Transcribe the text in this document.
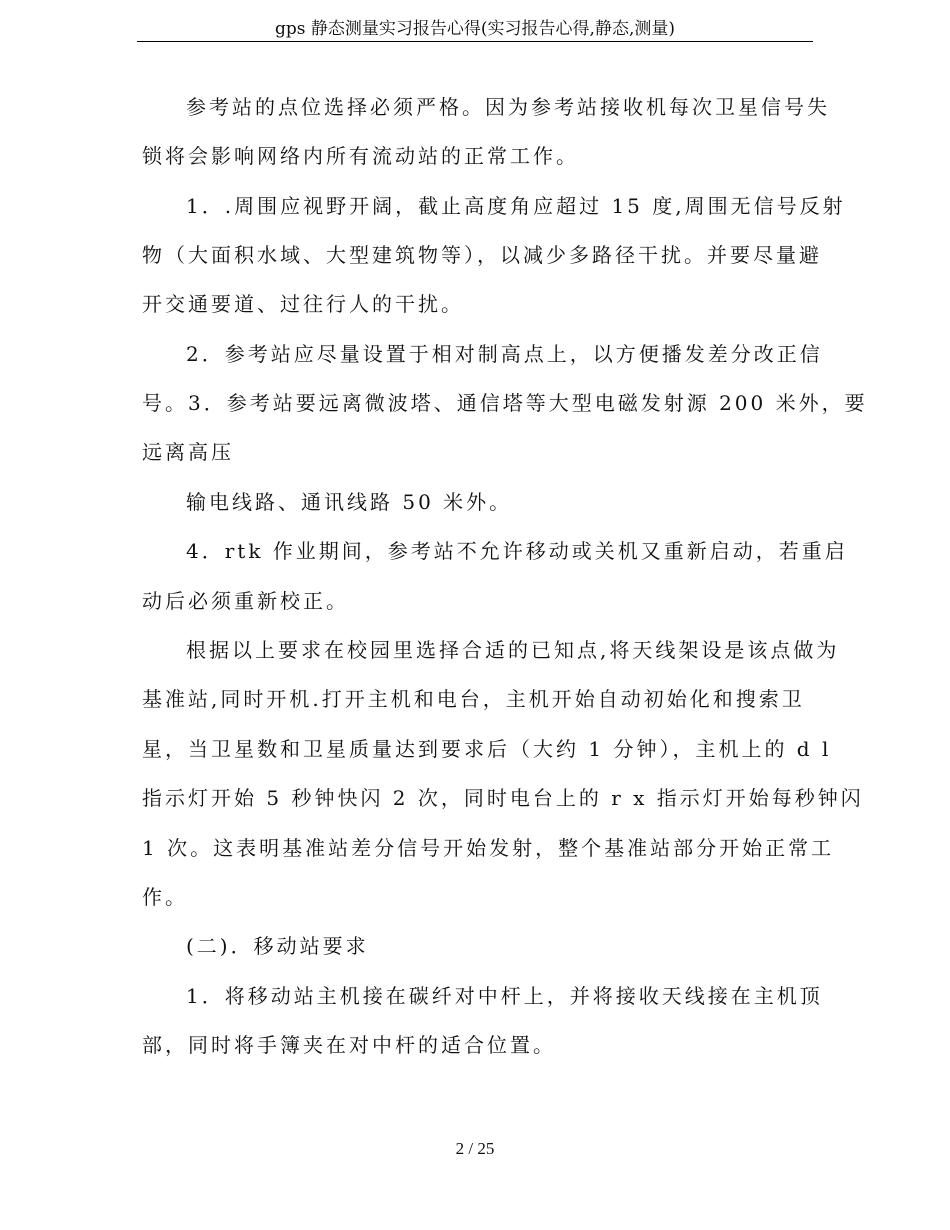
gps 静态测量实习报告心得(实习报告心得,静态,测量)
参考站的点位选择必须严格。因为参考站接收机每次卫星信号失
锁将会影响网络内所有流动站的正常工作。
1．.周围应视野开阔，截止高度角应超过 15 度,周围无信号反射
物（大面积水域、大型建筑物等），以减少多路径干扰。并要尽量避
开交通要道、过往行人的干扰。
2．参考站应尽量设置于相对制高点上，以方便播发差分改正信
号。3．参考站要远离微波塔、通信塔等大型电磁发射源 200 米外，要
远离高压
输电线路、通讯线路 50 米外。
4．rtk 作业期间，参考站不允许移动或关机又重新启动，若重启
动后必须重新校正。
根据以上要求在校园里选择合适的已知点,将天线架设是该点做为
基准站,同时开机.打开主机和电台，主机开始自动初始化和搜索卫
星，当卫星数和卫星质量达到要求后（大约 1 分钟），主机上的 d l
指示灯开始 5 秒钟快闪 2 次，同时电台上的 r x 指示灯开始每秒钟闪
1 次。这表明基准站差分信号开始发射，整个基准站部分开始正常工
作。
(二)．移动站要求
1．将移动站主机接在碳纤对中杆上，并将接收天线接在主机顶
部，同时将手簿夹在对中杆的适合位置。
2 / 25
